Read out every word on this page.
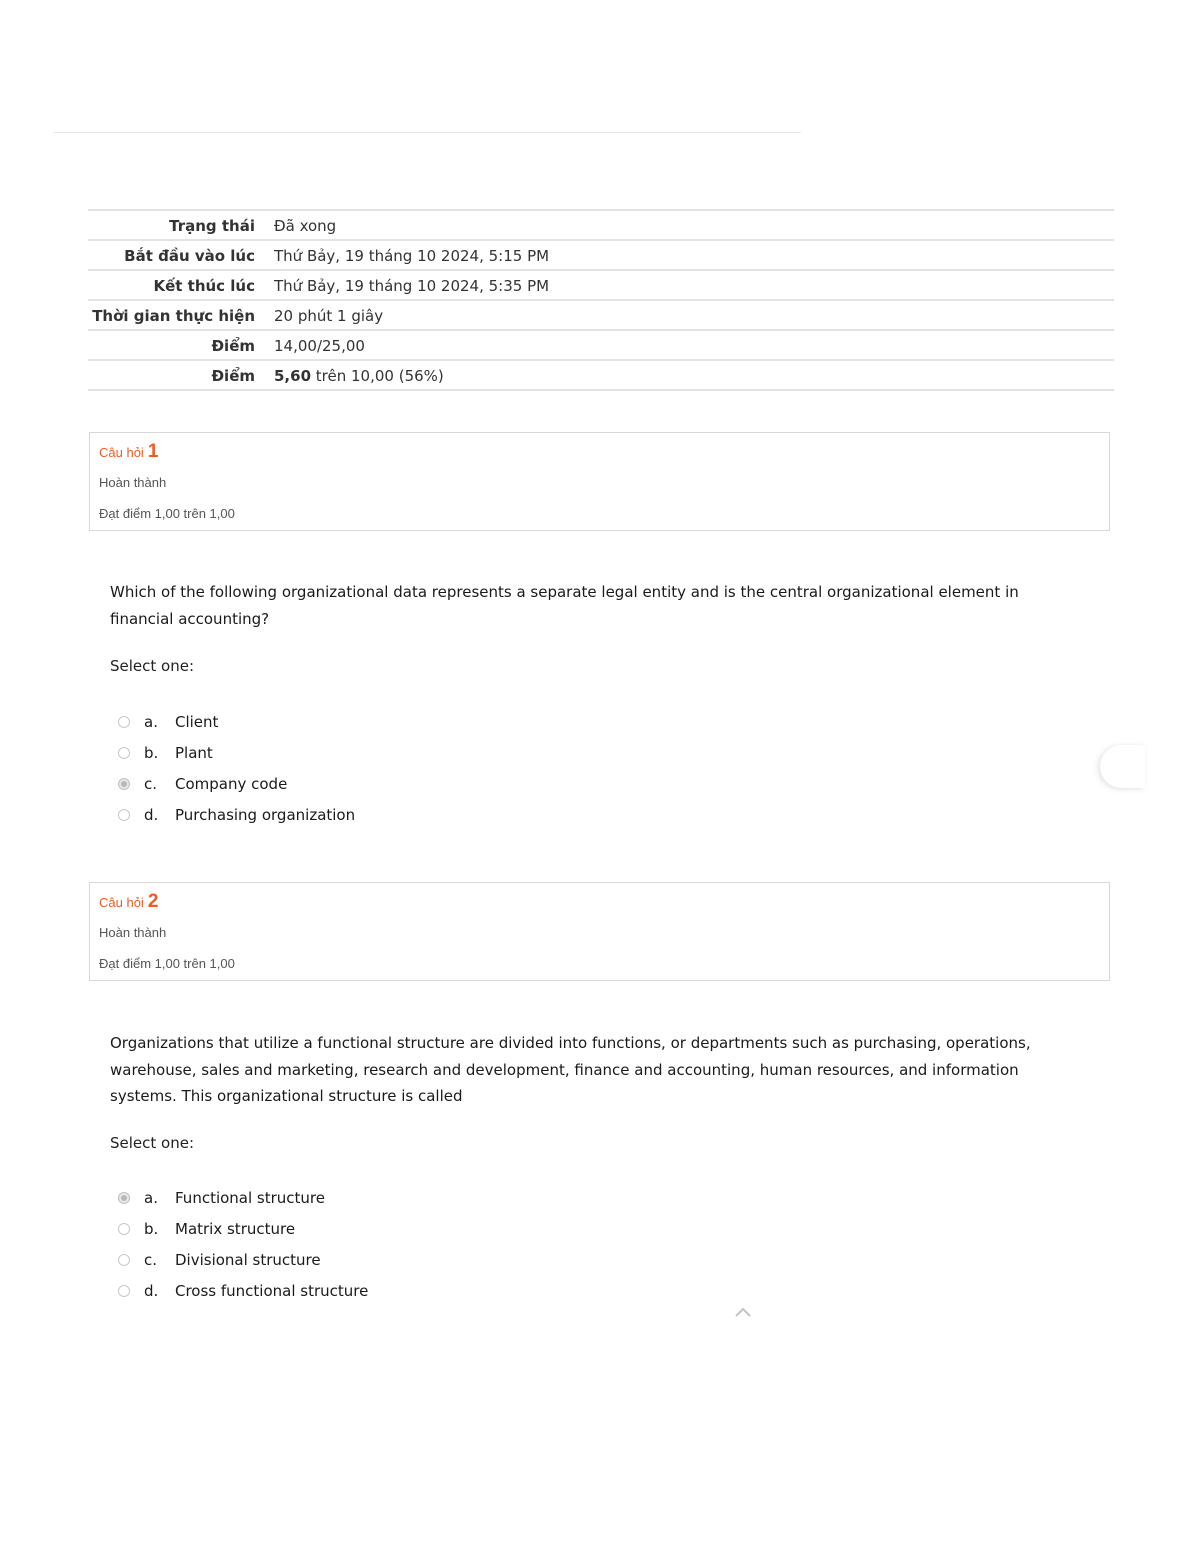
Trạng thái	Đã xong
Bắt đầu vào lúc	Thứ Bảy, 19 tháng 10 2024, 5:15 PM
Kết thúc lúc	Thứ Bảy, 19 tháng 10 2024, 5:35 PM
Thời gian thực hiện	20 phút 1 giây
Điểm	14,00/25,00
Điểm	5,60 trên 10,00 (56%)
Câu hỏi 1
Hoàn thành
Đạt điểm 1,00 trên 1,00
Which of the following organizational data represents a separate legal entity and is the central organizational element in financial accounting?
Select one:
a.	Client
b.	Plant
c.	Company code
d.	Purchasing organization
Câu hỏi 2
Hoàn thành
Đạt điểm 1,00 trên 1,00
Organizations that utilize a functional structure are divided into functions, or departments such as purchasing, operations, warehouse, sales and marketing, research and development, finance and accounting, human resources, and information systems. This organizational structure is called
Select one:
a.	Functional structure
b.	Matrix structure
c.	Divisional structure
d.	Cross functional structure
